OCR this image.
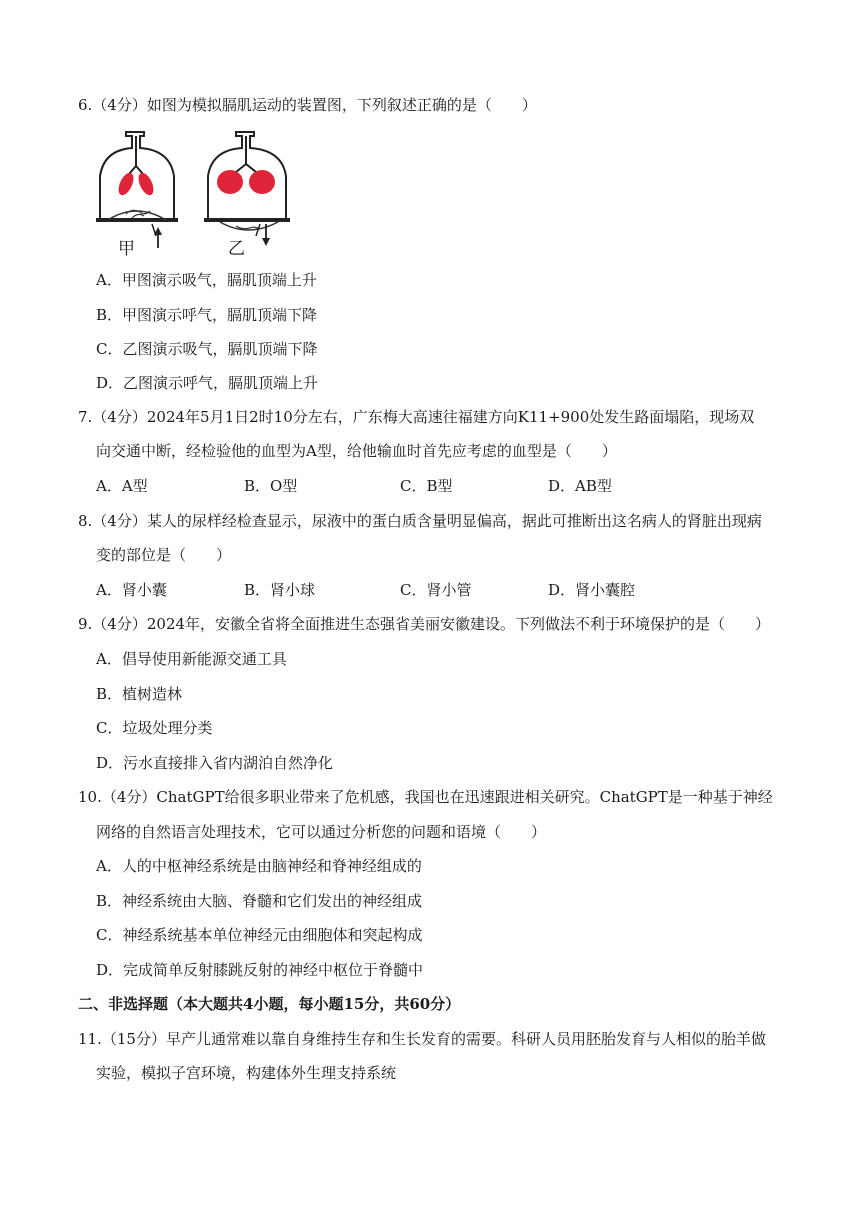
6.（4分）如图为模拟膈肌运动的装置图，下列叙述正确的是（　　）
甲	乙
A．甲图演示吸气，膈肌顶端上升
B．甲图演示呼气，膈肌顶端下降
C．乙图演示吸气，膈肌顶端下降
D．乙图演示呼气，膈肌顶端上升
7.（4分）2024年5月1日2时10分左右，广东梅大高速往福建方向K11+900处发生路面塌陷，现场双
向交通中断，经检验他的血型为A型，给他输血时首先应考虑的血型是（　　）
A．A型	B．O型	C．B型	D．AB型
8.（4分）某人的尿样经检查显示，尿液中的蛋白质含量明显偏高，据此可推断出这名病人的肾脏出现病
变的部位是（　　）
A．肾小囊	B．肾小球	C．肾小管	D．肾小囊腔
9.（4分）2024年，安徽全省将全面推进生态强省美丽安徽建设。下列做法不利于环境保护的是（　　）
A．倡导使用新能源交通工具
B．植树造林
C．垃圾处理分类
D．污水直接排入省内湖泊自然净化
10.（4分）ChatGPT给很多职业带来了危机感，我国也在迅速跟进相关研究。ChatGPT是一种基于神经
网络的自然语言处理技术，它可以通过分析您的问题和语境（　　）
A．人的中枢神经系统是由脑神经和脊神经组成的
B．神经系统由大脑、脊髓和它们发出的神经组成
C．神经系统基本单位神经元由细胞体和突起构成
D．完成简单反射膝跳反射的神经中枢位于脊髓中
二、非选择题（本大题共4小题，每小题15分，共60分）
11.（15分）早产儿通常难以靠自身维持生存和生长发育的需要。科研人员用胚胎发育与人相似的胎羊做
实验，模拟子宫环境，构建体外生理支持系统
